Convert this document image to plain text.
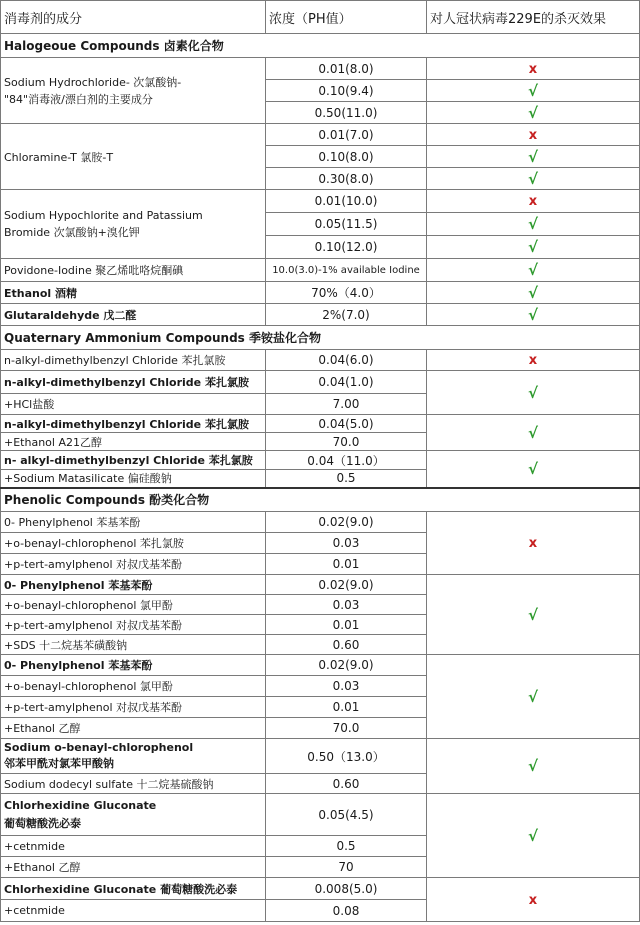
消毒剂的成分	浓度（PH值）	对人冠状病毒229E的杀灭效果
Halogeoue Compounds 卤素化合物		
Sodium Hydrochloride- 次氯酸钠-
"84"消毒液/漂白剂的主要成分	0.01(8.0)	x
	0.10(9.4)	√
	0.50(11.0)	√
Chloramine-T 氯胺-T	0.01(7.0)	x
	0.10(8.0)	√
	0.30(8.0)	√
Sodium Hypochlorite and Patassium
Bromide 次氯酸钠+溴化钾	0.01(10.0)	x
	0.05(11.5)	√
	0.10(12.0)	√
Povidone-Iodine 聚乙烯吡咯烷酮碘	10.0(3.0)-1% available Iodine	√
Ethanol 酒精	70%（4.0）	√
Glutaraldehyde 戊二醛	2%(7.0)	√
Quaternary Ammonium Compounds 季铵盐化合物		
n-alkyl-dimethylbenzyl Chloride 苯扎氯胺	0.04(6.0)	x
n-alkyl-dimethylbenzyl Chloride 苯扎氯胺	0.04(1.0)	√
+HCl盐酸	7.00	
n-alkyl-dimethylbenzyl Chloride 苯扎氯胺	0.04(5.0)	√
+Ethanol A21乙醇	70.0	
n- alkyl-dimethylbenzyl Chloride 苯扎氯胺	0.04（11.0）	√
+Sodium Matasilicate 偏硅酸钠	0.5	
Phenolic Compounds 酚类化合物		
0- Phenylphenol 苯基苯酚	0.02(9.0)	x
+o-benayl-chlorophenol 苯扎氯胺	0.03	
+p-tert-amylphenol 对叔戊基苯酚	0.01	
0- Phenylphenol 苯基苯酚	0.02(9.0)	√
+o-benayl-chlorophenol 氯甲酚	0.03	
+p-tert-amylphenol 对叔戊基苯酚	0.01	
+SDS 十二烷基苯磺酸钠	0.60	
0- Phenylphenol 苯基苯酚	0.02(9.0)	√
+o-benayl-chlorophenol 氯甲酚	0.03	
+p-tert-amylphenol 对叔戊基苯酚	0.01	
+Ethanol 乙醇	70.0	
Sodium o-benayl-chlorophenol
邻苯甲酰对氯苯甲酸钠	0.50（13.0）	√
Sodium dodecyl sulfate 十二烷基硫酸钠	0.60	
Chlorhexidine Gluconate
葡萄糖酸洗必泰	0.05(4.5)	√
+cetnmide	0.5	
+Ethanol 乙醇	70	
Chlorhexidine Gluconate 葡萄糖酸洗必泰	0.008(5.0)	x
+cetnmide	0.08	
